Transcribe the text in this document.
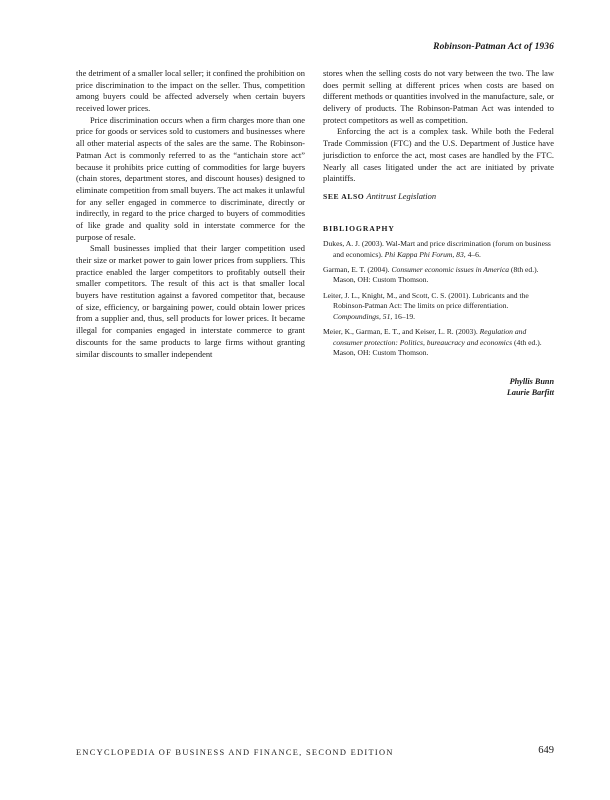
Robinson-Patman Act of 1936

the detriment of a smaller local seller; it confined the prohibition on price discrimination to the impact on the seller. Thus, competition among buyers could be affected adversely when certain buyers received lower prices.

Price discrimination occurs when a firm charges more than one price for goods or services sold to customers and businesses where all other material aspects of the sales are the same. The Robinson-Patman Act is commonly referred to as the “antichain store act” because it prohibits price cutting of commodities for large buyers (chain stores, department stores, and discount houses) designed to eliminate competition from small buyers. The act makes it unlawful for any seller engaged in commerce to discriminate, directly or indirectly, in regard to the price charged to buyers of commodities of like grade and quality sold in interstate commerce for the purpose of resale.

Small businesses implied that their larger competition used their size or market power to gain lower prices from suppliers. This practice enabled the larger competitors to profitably outsell their smaller competitors. The result of this act is that smaller local buyers have restitution against a favored competitor that, because of size, efficiency, or bargaining power, could obtain lower prices from a supplier and, thus, sell products for lower prices. It became illegal for companies engaged in interstate commerce to grant discounts for the same products to large firms without granting similar discounts to smaller independent

stores when the selling costs do not vary between the two. The law does permit selling at different prices when costs are based on different methods or quantities involved in the manufacture, sale, or delivery of products. The Robinson-Patman Act was intended to protect competitors as well as competition.

Enforcing the act is a complex task. While both the Federal Trade Commission (FTC) and the U.S. Department of Justice have jurisdiction to enforce the act, most cases are handled by the FTC. Nearly all cases litigated under the act are initiated by private plaintiffs.

SEE ALSO Antitrust Legislation

BIBLIOGRAPHY

Dukes, A. J. (2003). Wal-Mart and price discrimination (forum on business and economics). Phi Kappa Phi Forum, 83, 4–6.

Garman, E. T. (2004). Consumer economic issues in America (8th ed.). Mason, OH: Custom Thomson.

Leiter, J. L., Knight, M., and Scott, C. S. (2001). Lubricants and the Robinson-Patman Act: The limits on price differentiation. Compoundings, 51, 16–19.

Meier, K., Garman, E. T., and Keiser, L. R. (2003). Regulation and consumer protection: Politics, bureaucracy and economics (4th ed.). Mason, OH: Custom Thomson.

Phyllis Bunn
Laurie Barfitt
ENCYCLOPEDIA OF BUSINESS AND FINANCE, SECOND EDITION	649
